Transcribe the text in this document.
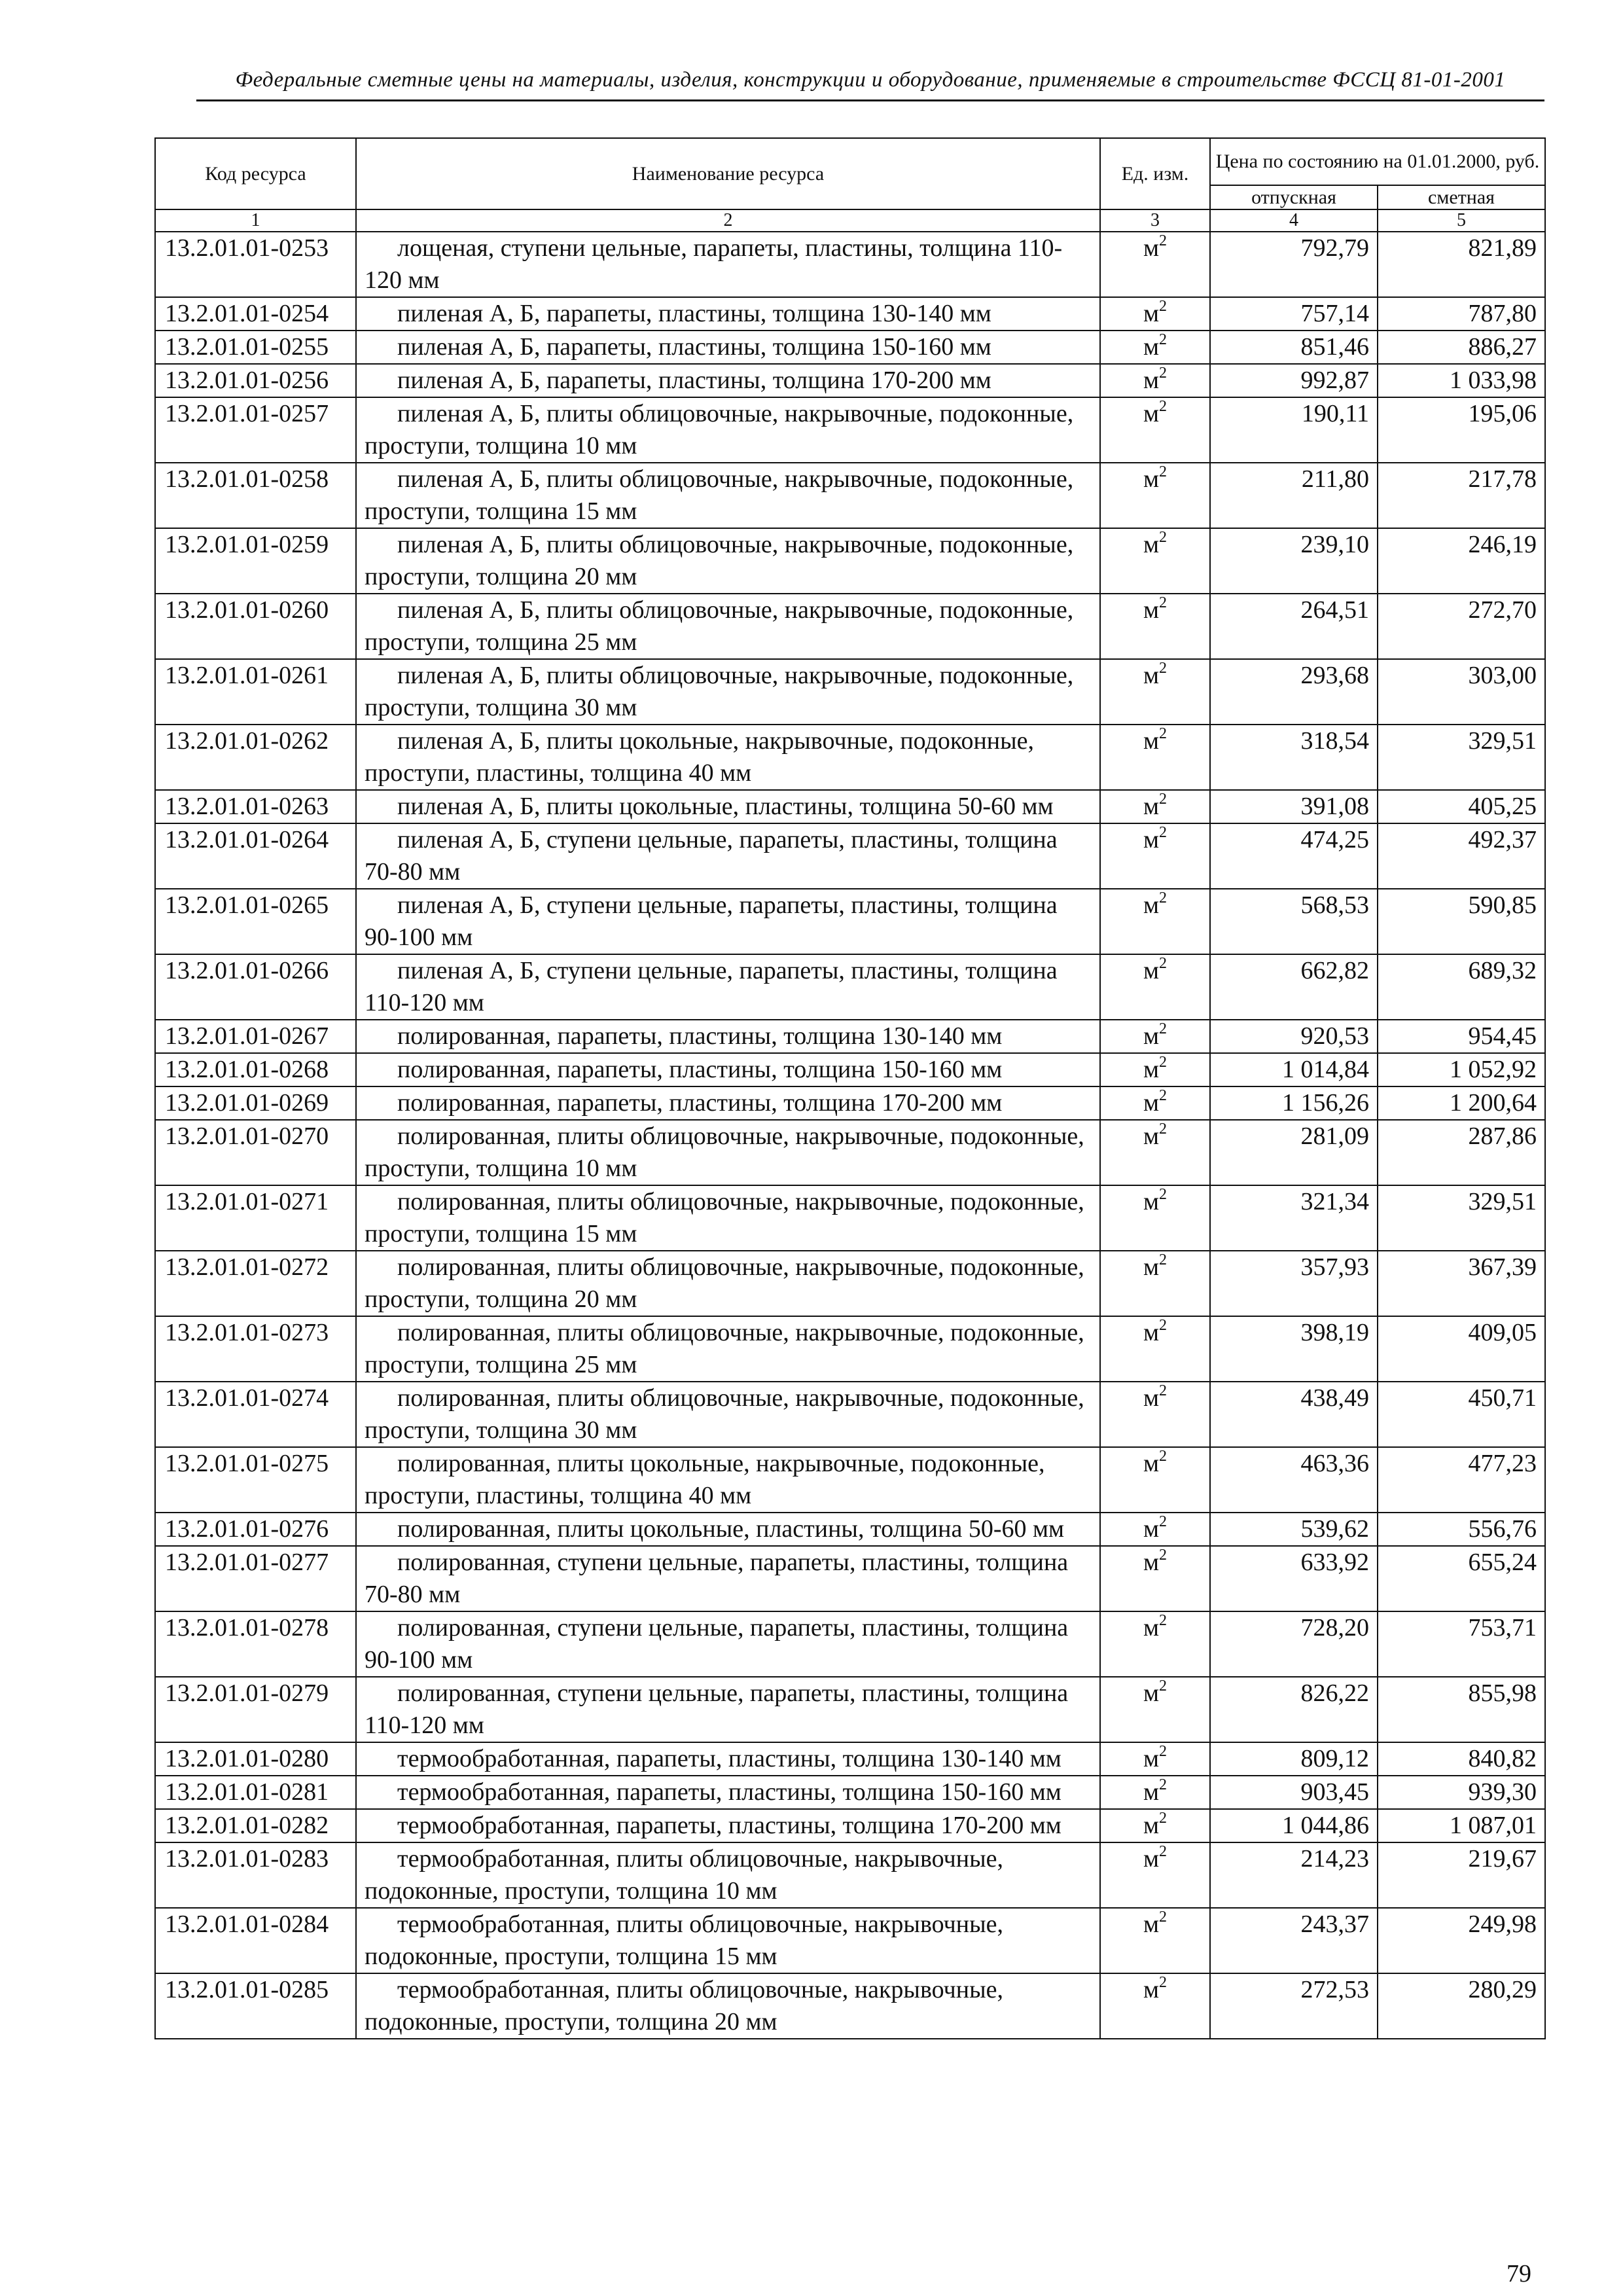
Федеральные сметные цены на материалы, изделия, конструкции и оборудование, применяемые в строительстве ФССЦ 81-01-2001
Код ресурса	Наименование ресурса	Ед. изм.	Цена по состоянию на 01.01.2000, руб.	
			отпускная	сметная
1	2	3	4	5
13.2.01.01-0253	лощеная, ступени цельные, парапеты, пластины, толщина 110- 120 мм	$м^2$	792,79	821,89
13.2.01.01-0254	пиленая А, Б, парапеты, пластины, толщина 130-140 мм	$м^2$	757,14	787,80
13.2.01.01-0255	пиленая А, Б, парапеты, пластины, толщина 150-160 мм	$м^2$	851,46	886,27
13.2.01.01-0256	пиленая А, Б, парапеты, пластины, толщина 170-200 мм	$м^2$	992,87	1 033,98
13.2.01.01-0257	пиленая А, Б, плиты облицовочные, накрывочные, подоконные, проступи, толщина 10 мм	$м^2$	190,11	195,06
13.2.01.01-0258	пиленая А, Б, плиты облицовочные, накрывочные, подоконные, проступи, толщина 15 мм	$м^2$	211,80	217,78
13.2.01.01-0259	пиленая А, Б, плиты облицовочные, накрывочные, подоконные, проступи, толщина 20 мм	$м^2$	239,10	246,19
13.2.01.01-0260	пиленая А, Б, плиты облицовочные, накрывочные, подоконные, проступи, толщина 25 мм	$м^2$	264,51	272,70
13.2.01.01-0261	пиленая А, Б, плиты облицовочные, накрывочные, подоконные, проступи, толщина 30 мм	$м^2$	293,68	303,00
13.2.01.01-0262	пиленая А, Б, плиты цокольные, накрывочные, подоконные, проступи, пластины, толщина 40 мм	$м^2$	318,54	329,51
13.2.01.01-0263	пиленая А, Б, плиты цокольные, пластины, толщина 50-60 мм	$м^2$	391,08	405,25
13.2.01.01-0264	пиленая А, Б, ступени цельные, парапеты, пластины, толщина 70-80 мм	$м^2$	474,25	492,37
13.2.01.01-0265	пиленая А, Б, ступени цельные, парапеты, пластины, толщина 90-100 мм	$м^2$	568,53	590,85
13.2.01.01-0266	пиленая А, Б, ступени цельные, парапеты, пластины, толщина 110-120 мм	$м^2$	662,82	689,32
13.2.01.01-0267	полированная, парапеты, пластины, толщина 130-140 мм	$м^2$	920,53	954,45
13.2.01.01-0268	полированная, парапеты, пластины, толщина 150-160 мм	$м^2$	1 014,84	1 052,92
13.2.01.01-0269	полированная, парапеты, пластины, толщина 170-200 мм	$м^2$	1 156,26	1 200,64
13.2.01.01-0270	полированная, плиты облицовочные, накрывочные, подоконные, проступи, толщина 10 мм	$м^2$	281,09	287,86
13.2.01.01-0271	полированная, плиты облицовочные, накрывочные, подоконные, проступи, толщина 15 мм	$м^2$	321,34	329,51
13.2.01.01-0272	полированная, плиты облицовочные, накрывочные, подоконные, проступи, толщина 20 мм	$м^2$	357,93	367,39
13.2.01.01-0273	полированная, плиты облицовочные, накрывочные, подоконные, проступи, толщина 25 мм	$м^2$	398,19	409,05
13.2.01.01-0274	полированная, плиты облицовочные, накрывочные, подоконные, проступи, толщина 30 мм	$м^2$	438,49	450,71
13.2.01.01-0275	полированная, плиты цокольные, накрывочные, подоконные, проступи, пластины, толщина 40 мм	$м^2$	463,36	477,23
13.2.01.01-0276	полированная, плиты цокольные, пластины, толщина 50-60 мм	$м^2$	539,62	556,76
13.2.01.01-0277	полированная, ступени цельные, парапеты, пластины, толщина 70-80 мм	$м^2$	633,92	655,24
13.2.01.01-0278	полированная, ступени цельные, парапеты, пластины, толщина 90-100 мм	$м^2$	728,20	753,71
13.2.01.01-0279	полированная, ступени цельные, парапеты, пластины, толщина 110-120 мм	$м^2$	826,22	855,98
13.2.01.01-0280	термообработанная, парапеты, пластины, толщина 130-140 мм	$м^2$	809,12	840,82
13.2.01.01-0281	термообработанная, парапеты, пластины, толщина 150-160 мм	$м^2$	903,45	939,30
13.2.01.01-0282	термообработанная, парапеты, пластины, толщина 170-200 мм	$м^2$	1 044,86	1 087,01
13.2.01.01-0283	термообработанная, плиты облицовочные, накрывочные, подоконные, проступи, толщина 10 мм	$м^2$	214,23	219,67
13.2.01.01-0284	термообработанная, плиты облицовочные, накрывочные, подоконные, проступи, толщина 15 мм	$м^2$	243,37	249,98
13.2.01.01-0285	термообработанная, плиты облицовочные, накрывочные, подоконные, проступи, толщина 20 мм	$м^2$	272,53	280,29
79
